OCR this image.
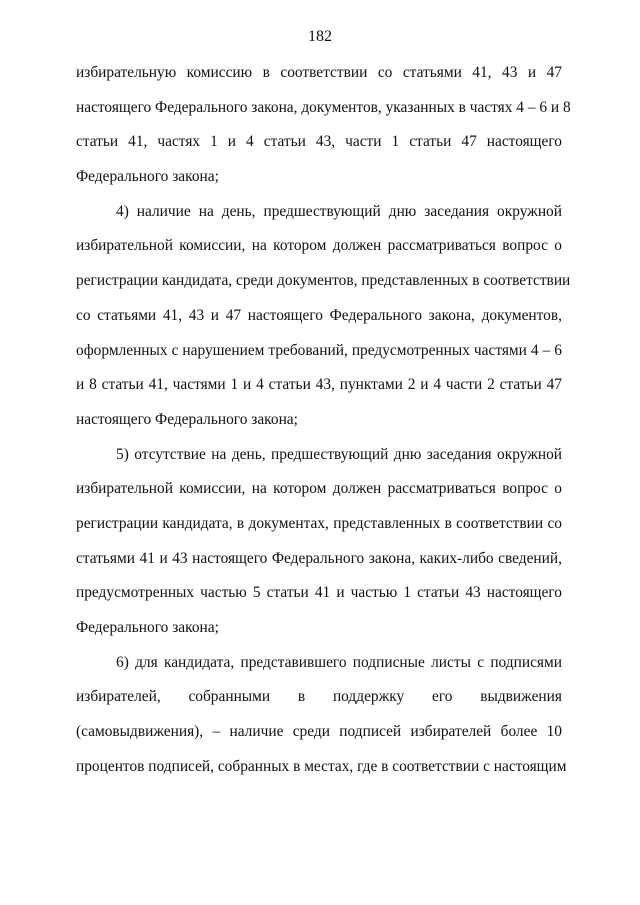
182
избирательную комиссию в соответствии со статьями 41, 43 и 47
настоящего Федерального закона, документов, указанных в частях 4 – 6 и 8
статьи 41, частях 1 и 4 статьи 43, части 1 статьи 47 настоящего
Федерального закона;
4) наличие на день, предшествующий дню заседания окружной
избирательной комиссии, на котором должен рассматриваться вопрос о
регистрации кандидата, среди документов, представленных в соответствии
со статьями 41, 43 и 47 настоящего Федерального закона, документов,
оформленных с нарушением требований, предусмотренных частями 4 – 6
и 8 статьи 41, частями 1 и 4 статьи 43, пунктами 2 и 4 части 2 статьи 47
настоящего Федерального закона;
5) отсутствие на день, предшествующий дню заседания окружной
избирательной комиссии, на котором должен рассматриваться вопрос о
регистрации кандидата, в документах, представленных в соответствии со
статьями 41 и 43 настоящего Федерального закона, каких-либо сведений,
предусмотренных частью 5 статьи 41 и частью 1 статьи 43 настоящего
Федерального закона;
6) для кандидата, представившего подписные листы с подписями
избирателей, собранными в поддержку его выдвижения
(самовыдвижения), – наличие среди подписей избирателей более 10
процентов подписей, собранных в местах, где в соответствии с настоящим
